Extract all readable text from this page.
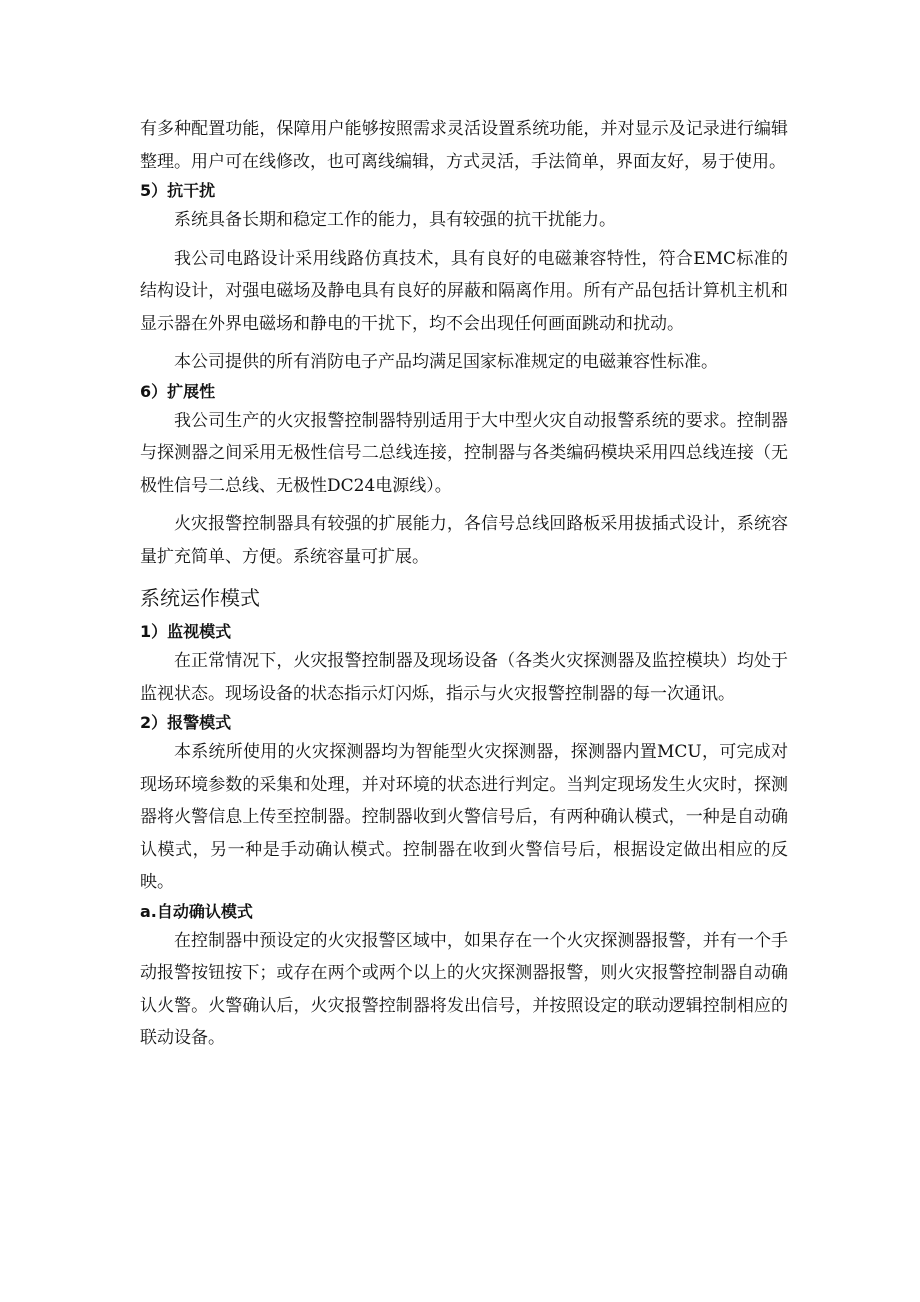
有多种配置功能，保障用户能够按照需求灵活设置系统功能，并对显示及记录进行编辑整理。用户可在线修改，也可离线编辑，方式灵活，手法简单，界面友好，易于使用。

5）抗干扰

系统具备长期和稳定工作的能力，具有较强的抗干扰能力。

我公司电路设计采用线路仿真技术，具有良好的电磁兼容特性，符合EMC标准的结构设计，对强电磁场及静电具有良好的屏蔽和隔离作用。所有产品包括计算机主机和显示器在外界电磁场和静电的干扰下，均不会出现任何画面跳动和扰动。

本公司提供的所有消防电子产品均满足国家标准规定的电磁兼容性标准。

6）扩展性

我公司生产的火灾报警控制器特别适用于大中型火灾自动报警系统的要求。控制器与探测器之间采用无极性信号二总线连接，控制器与各类编码模块采用四总线连接（无极性信号二总线、无极性DC24电源线）。

火灾报警控制器具有较强的扩展能力，各信号总线回路板采用拔插式设计，系统容量扩充简单、方便。系统容量可扩展。

系统运作模式
1）监视模式

在正常情况下，火灾报警控制器及现场设备（各类火灾探测器及监控模块）均处于监视状态。现场设备的状态指示灯闪烁，指示与火灾报警控制器的每一次通讯。

2）报警模式

本系统所使用的火灾探测器均为智能型火灾探测器，探测器内置MCU，可完成对现场环境参数的采集和处理，并对环境的状态进行判定。当判定现场发生火灾时，探测器将火警信息上传至控制器。控制器收到火警信号后，有两种确认模式，一种是自动确认模式，另一种是手动确认模式。控制器在收到火警信号后，根据设定做出相应的反映。

a.自动确认模式

在控制器中预设定的火灾报警区域中，如果存在一个火灾探测器报警，并有一个手动报警按钮按下；或存在两个或两个以上的火灾探测器报警，则火灾报警控制器自动确认火警。火警确认后，火灾报警控制器将发出信号，并按照设定的联动逻辑控制相应的联动设备。
